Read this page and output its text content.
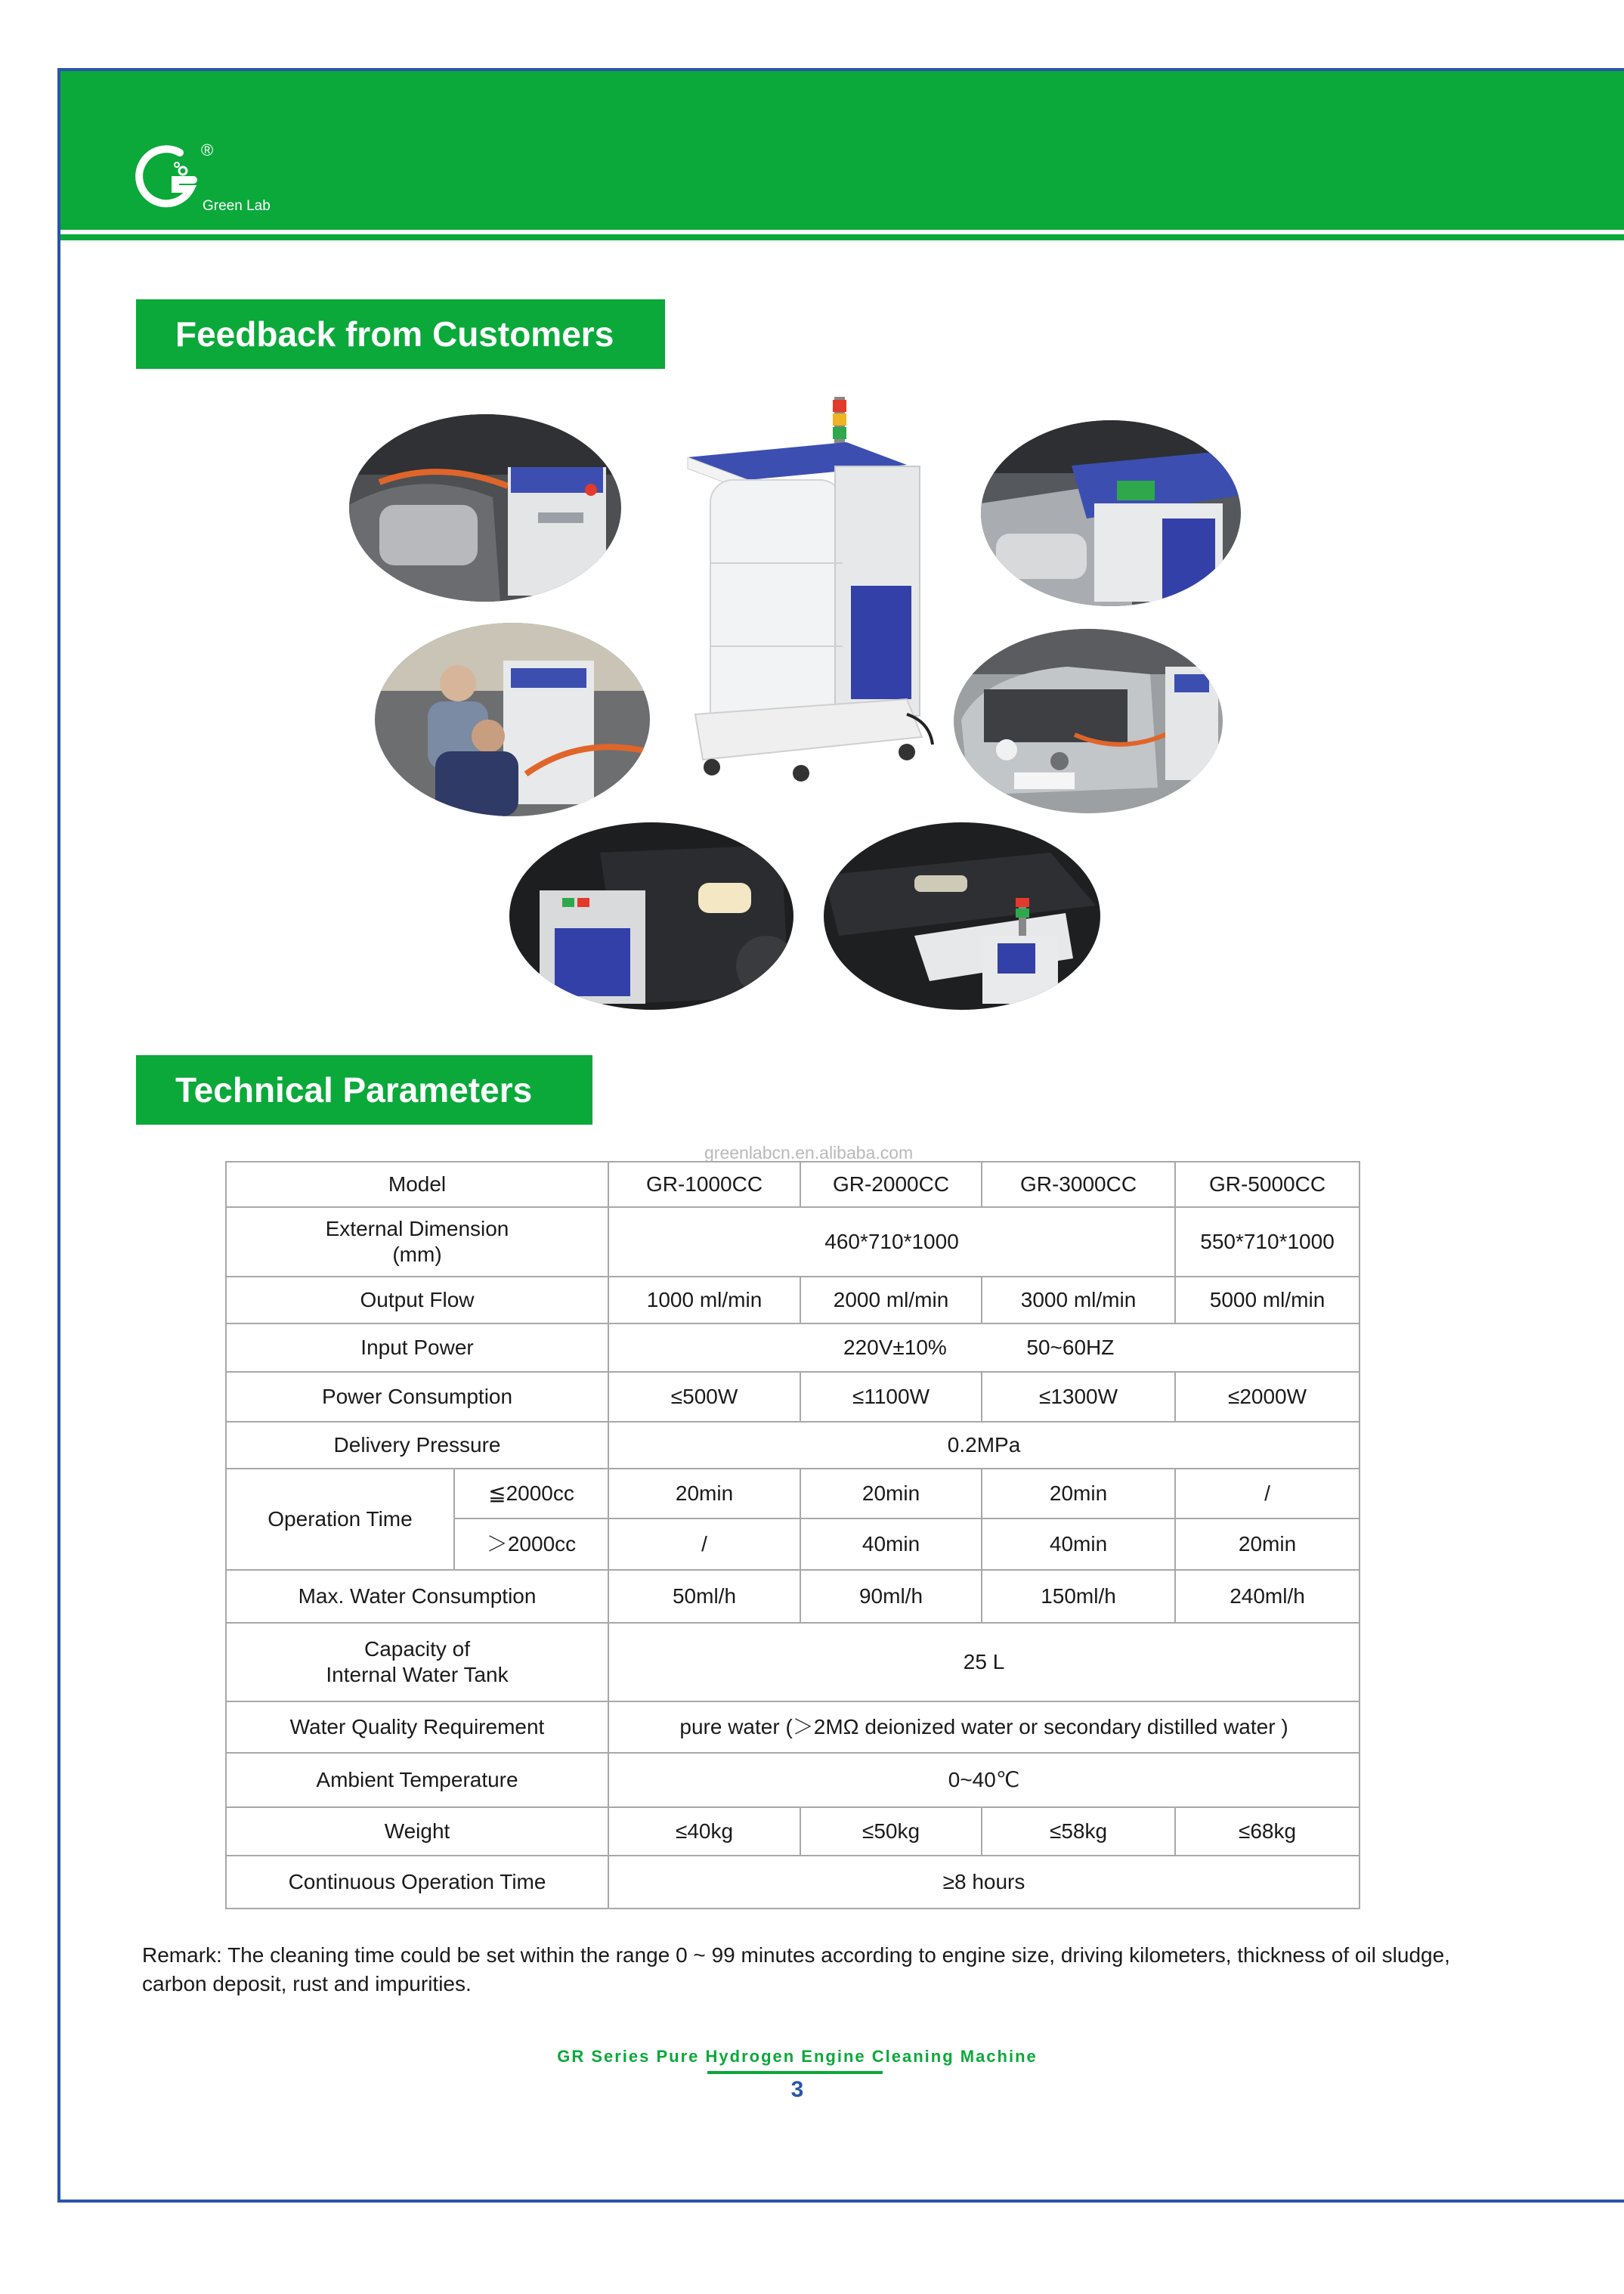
®
Green Lab
Feedback from Customers
Technical Parameters
greenlabcn.en.alibaba.com
Model		GR-1000CC	GR-2000CC	GR-3000CC	GR-5000CC

External Dimension
(mm)		460*710*1000			550*710*1000
Output Flow		1000 ml/min	2000 ml/min	3000 ml/min	5000 ml/min
Input Power		220V±10% 50~60HZ			
Power Consumption		≤500W	≤1100W	≤1300W	≤2000W
Delivery Pressure		0.2MPa			
Operation Time	≦2000cc	20min	20min	20min	/
	＞2000cc	/	40min	40min	20min
Max. Water Consumption		50ml/h	90ml/h	150ml/h	240ml/h

Capacity of
Internal Water Tank		25 L			
Water Quality Requirement		pure water (＞2MΩ deionized water or secondary distilled water )			
Ambient Temperature		0~40℃			
Weight		≤40kg	≤50kg	≤58kg	≤68kg
Continuous Operation Time		≥8 hours			
Remark: The cleaning time could be set within the range 0 ~ 99 minutes according to engine size, driving kilometers, thickness of oil sludge, carbon deposit, rust and impurities.
GR Series Pure Hydrogen Engine Cleaning Machine
3
